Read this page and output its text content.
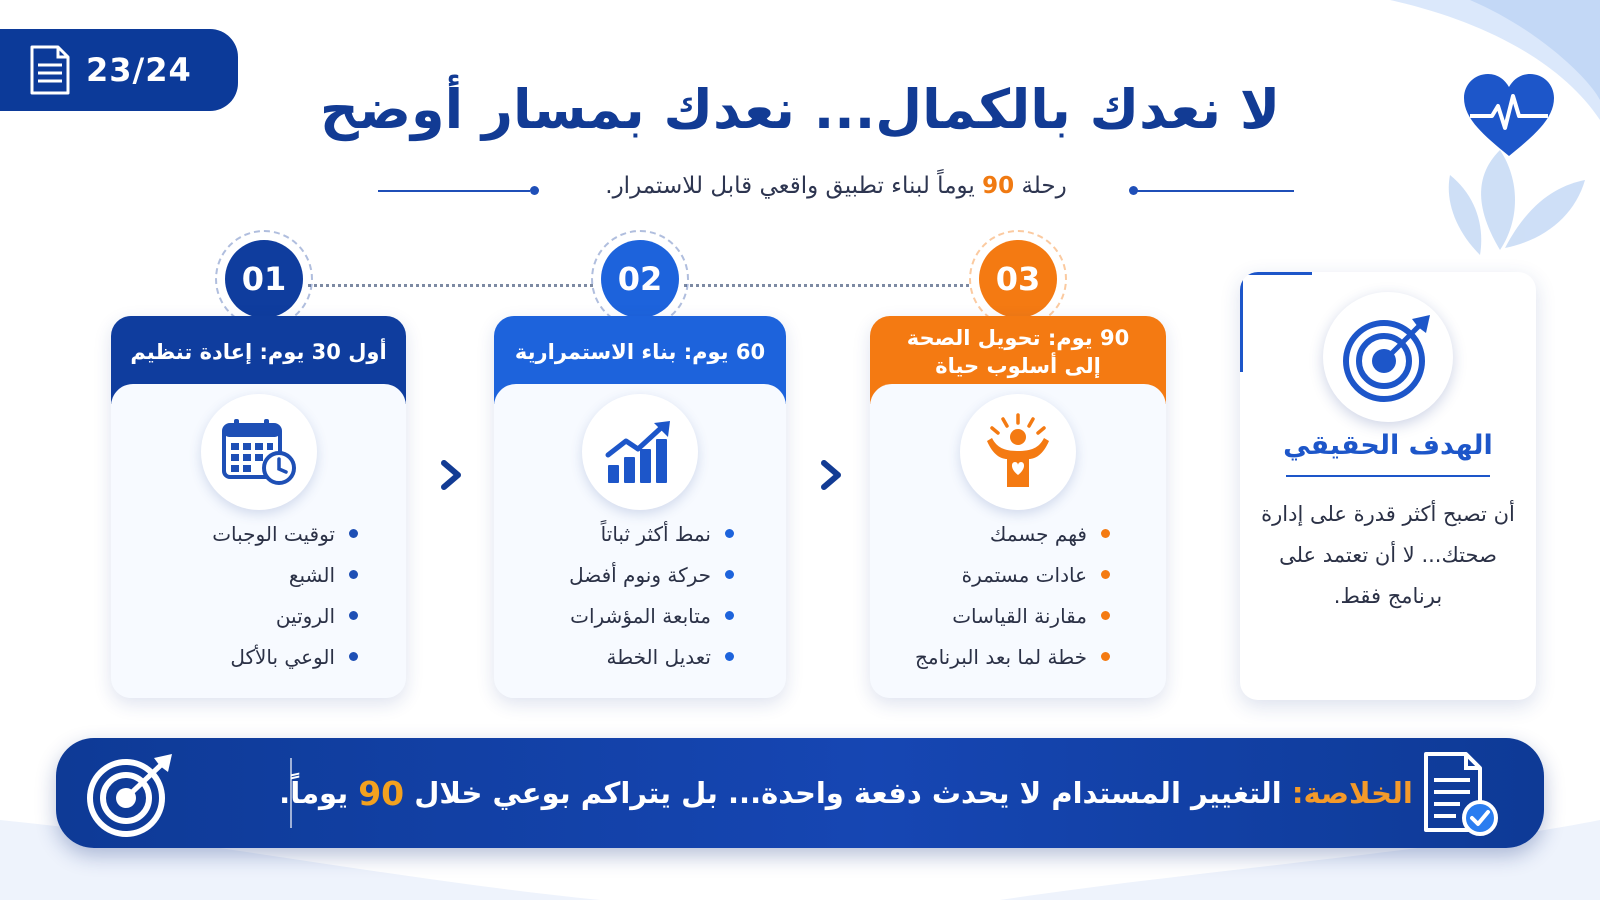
23/24
لا نعدك بالكمال... نعدك بمسار أوضح

رحلة 90 يوماً لبناء تطبيق واقعي قابل للاستمرار.

01	02	03
أول 30 يوم: إعادة تنظيم
توقيت الوجبات
الشبع
الروتين
الوعي بالأكل
60 يوم: بناء الاستمرارية
نمط أكثر ثباتاً
حركة ونوم أفضل
متابعة المؤشرات
تعديل الخطة
90 يوم: تحويل الصحة
إلى أسلوب حياة
فهم جسمك
عادات مستمرة
مقارنة القياسات
خطة لما بعد البرنامج
الهدف الحقيقي

أن تصبح أكثر قدرة على إدارة صحتك... لا أن تعتمد على برنامج فقط.

الخلاصة:

التغيير المستدام لا يحدث دفعة واحدة... بل يتراكم بوعي خلال

90

يوماً.
